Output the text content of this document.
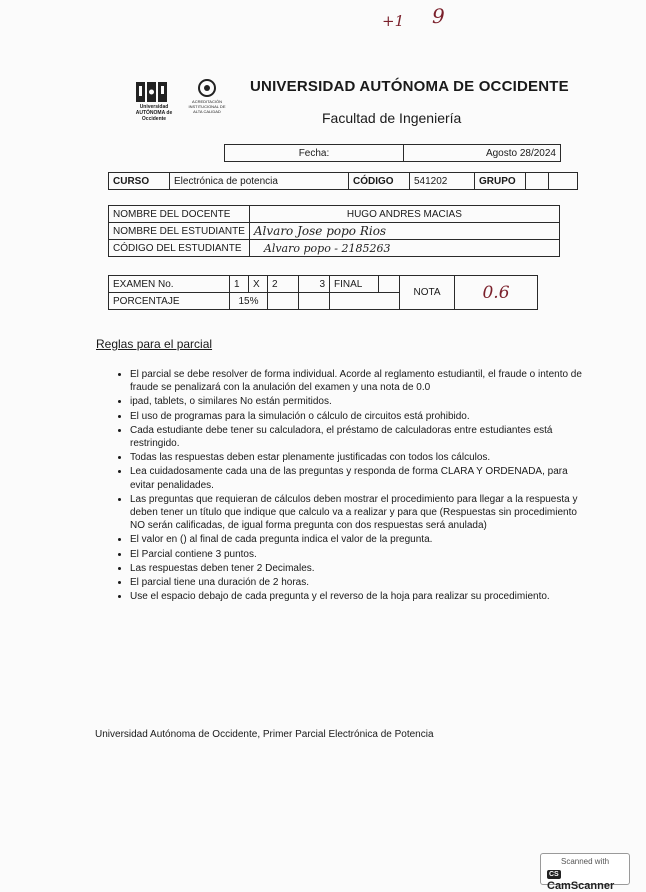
+1 9
Universidad AUTÓNOMA de Occidente
ACREDITACIÓN INSTITUCIONAL DE ALTA CALIDAD
UNIVERSIDAD AUTÓNOMA DE OCCIDENTE
Facultad de Ingeniería
Fecha:	Agosto 28/2024
CURSO	Electrónica de potencia	CÓDIGO	541202	GRUPO		
NOMBRE DEL DOCENTE	HUGO ANDRES MACIAS
NOMBRE DEL ESTUDIANTE	Alvaro Jose popo Rios
CÓDIGO DEL ESTUDIANTE	Alvaro popo - 2185263
EXAMEN No.	1	X	2	3	FINAL		NOTA	0.6
PORCENTAJE	15%							
Reglas para el parcial
• El parcial se debe resolver de forma individual. Acorde al reglamento estudiantil, el fraude o intento de fraude se penalizará con la anulación del examen y una nota de 0.0
• ipad, tablets, o similares No están permitidos.
• El uso de programas para la simulación o cálculo de circuitos está prohibido.
• Cada estudiante debe tener su calculadora, el préstamo de calculadoras entre estudiantes está restringido.
• Todas las respuestas deben estar plenamente justificadas con todos los cálculos.
• Lea cuidadosamente cada una de las preguntas y responda de forma CLARA Y ORDENADA, para evitar penalidades.
• Las preguntas que requieran de cálculos deben mostrar el procedimiento para llegar a la respuesta y deben tener un título que indique que calculo va a realizar y para que (Respuestas sin procedimiento NO serán calificadas, de igual forma pregunta con dos respuestas será anulada)
• El valor en () al final de cada pregunta indica el valor de la pregunta.
• El Parcial contiene 3 puntos.
• Las respuestas deben tener 2 Decimales.
• El parcial tiene una duración de 2 horas.
• Use el espacio debajo de cada pregunta y el reverso de la hoja para realizar su procedimiento.
Universidad Autónoma de Occidente, Primer Parcial Electrónica de Potencia
Scanned with
CSCamScanner
